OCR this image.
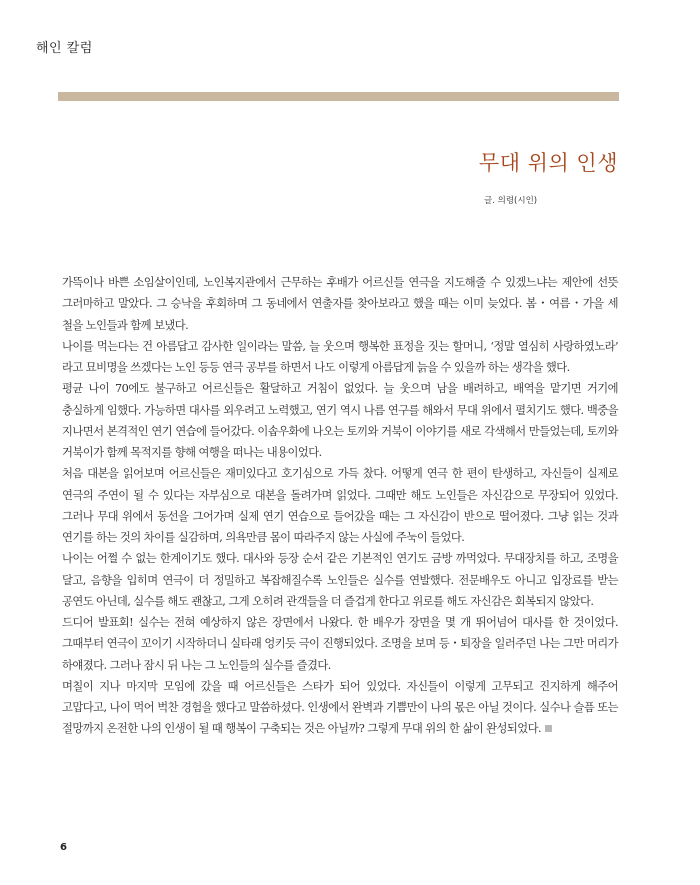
해인 칼럼
무대 위의 인생
글. 의령(시인)

가뜩이나 바쁜 소임살이인데, 노인복지관에서 근무하는 후배가 어르신들 연극을 지도해줄 수 있겠느냐는 제안에 선뜻 그러마하고 말았다. 그 승낙을 후회하며 그 동네에서 연출자를 찾아보라고 했을 때는 이미 늦었다. 봄・여름・가을 세 철을 노인들과 함께 보냈다.

나이를 먹는다는 건 아름답고 감사한 일이라는 말씀, 늘 웃으며 행복한 표정을 짓는 할머니, ‘정말 열심히 사랑하였노라’ 라고 묘비명을 쓰겠다는 노인 등등 연극 공부를 하면서 나도 이렇게 아름답게 늙을 수 있을까 하는 생각을 했다.

평균 나이 70에도 불구하고 어르신들은 활달하고 거침이 없었다. 늘 웃으며 남을 배려하고, 배역을 맡기면 거기에 충실하게 임했다. 가능하면 대사를 외우려고 노력했고, 연기 역시 나름 연구를 해와서 무대 위에서 펼치기도 했다. 백중을 지나면서 본격적인 연기 연습에 들어갔다. 이솝우화에 나오는 토끼와 거북이 이야기를 새로 각색해서 만들었는데, 토끼와 거북이가 함께 목적지를 향해 여행을 떠나는 내용이었다.

처음 대본을 읽어보며 어르신들은 재미있다고 호기심으로 가득 찼다. 어떻게 연극 한 편이 탄생하고, 자신들이 실제로 연극의 주연이 될 수 있다는 자부심으로 대본을 돌려가며 읽었다. 그때만 해도 노인들은 자신감으로 무장되어 있었다. 그러나 무대 위에서 동선을 그어가며 실제 연기 연습으로 들어갔을 때는 그 자신감이 반으로 떨어졌다. 그냥 읽는 것과 연기를 하는 것의 차이를 실감하며, 의욕만큼 몸이 따라주지 않는 사실에 주눅이 들었다.

나이는 어쩔 수 없는 한계이기도 했다. 대사와 등장 순서 같은 기본적인 연기도 금방 까먹었다. 무대장치를 하고, 조명을 달고, 음향을 입히며 연극이 더 정밀하고 복잡해질수록 노인들은 실수를 연발했다. 전문배우도 아니고 입장료를 받는 공연도 아닌데, 실수를 해도 괜찮고, 그게 오히려 관객들을 더 즐겁게 한다고 위로를 해도 자신감은 회복되지 않았다.

드디어 발표회! 실수는 전혀 예상하지 않은 장면에서 나왔다. 한 배우가 장면을 몇 개 뛰어넘어 대사를 한 것이었다. 그때부터 연극이 꼬이기 시작하더니 실타래 엉키듯 극이 진행되었다. 조명을 보며 등・퇴장을 일러주던 나는 그만 머리가 하얘졌다. 그러나 잠시 뒤 나는 그 노인들의 실수를 즐겼다.

며칠이 지나 마지막 모임에 갔을 때 어르신들은 스타가 되어 있었다. 자신들이 이렇게 고무되고 진지하게 해주어 고맙다고, 나이 먹어 벅찬 경험을 했다고 말씀하셨다. 인생에서 완벽과 기쁨만이 나의 몫은 아닐 것이다. 실수나 슬픔 또는 절망까지 온전한 나의 인생이 될 때 행복이 구축되는 것은 아닐까? 그렇게 무대 위의 한 삶이 완성되었다.

6
